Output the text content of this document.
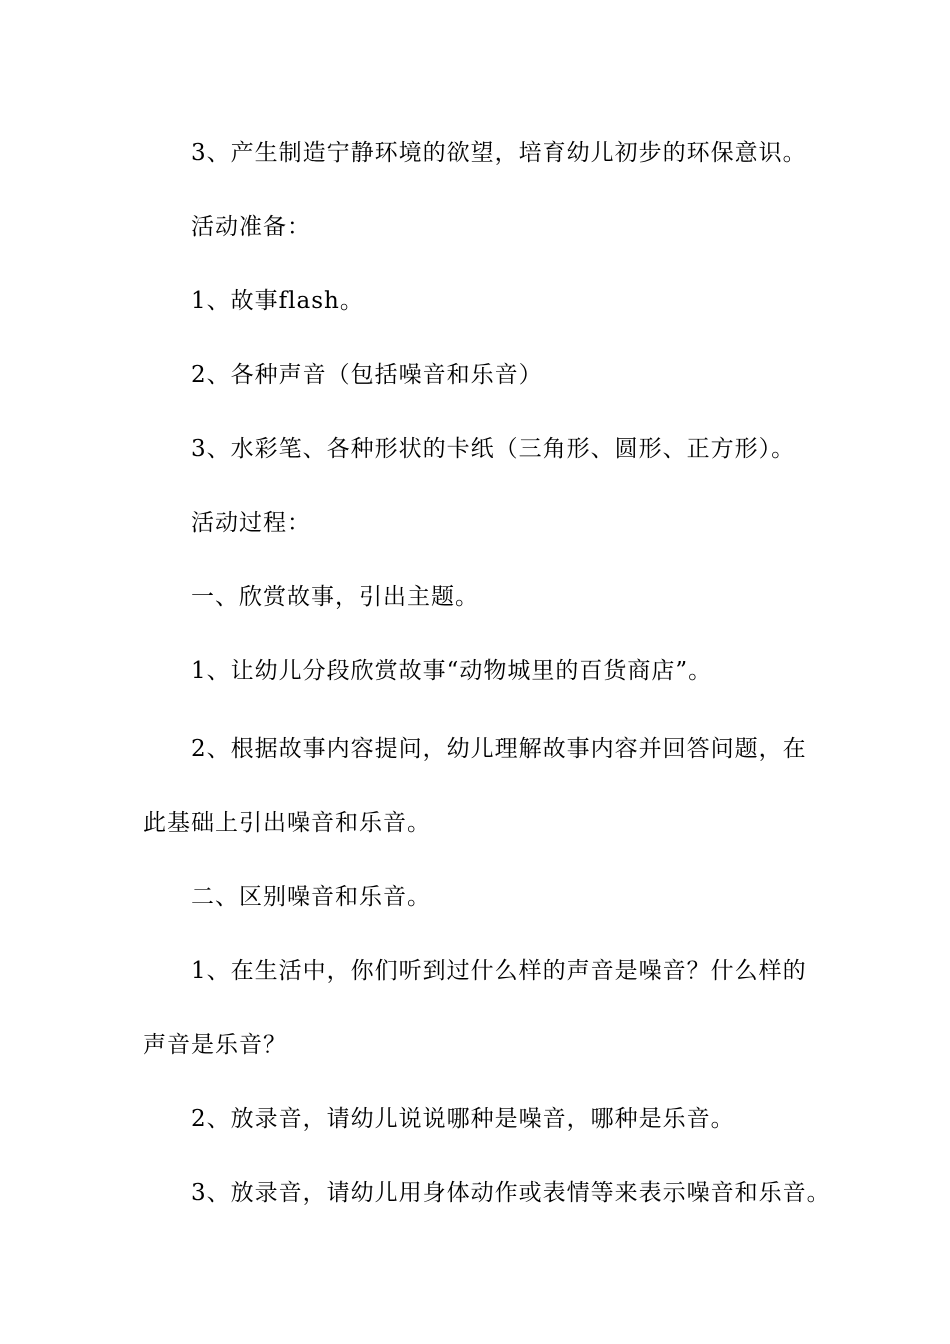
3、产生制造宁静环境的欲望，培育幼儿初步的环保意识。
活动准备：
1、故事flash。
2、各种声音（包括噪音和乐音）
3、水彩笔、各种形状的卡纸（三角形、圆形、正方形）。
活动过程：
一、欣赏故事，引出主题。
1、让幼儿分段欣赏故事“动物城里的百货商店”。
2、根据故事内容提问，幼儿理解故事内容并回答问题，在
此基础上引出噪音和乐音。
二、区别噪音和乐音。
1、在生活中，你们听到过什么样的声音是噪音？什么样的
声音是乐音？
2、放录音，请幼儿说说哪种是噪音，哪种是乐音。
3、放录音，请幼儿用身体动作或表情等来表示噪音和乐音。
